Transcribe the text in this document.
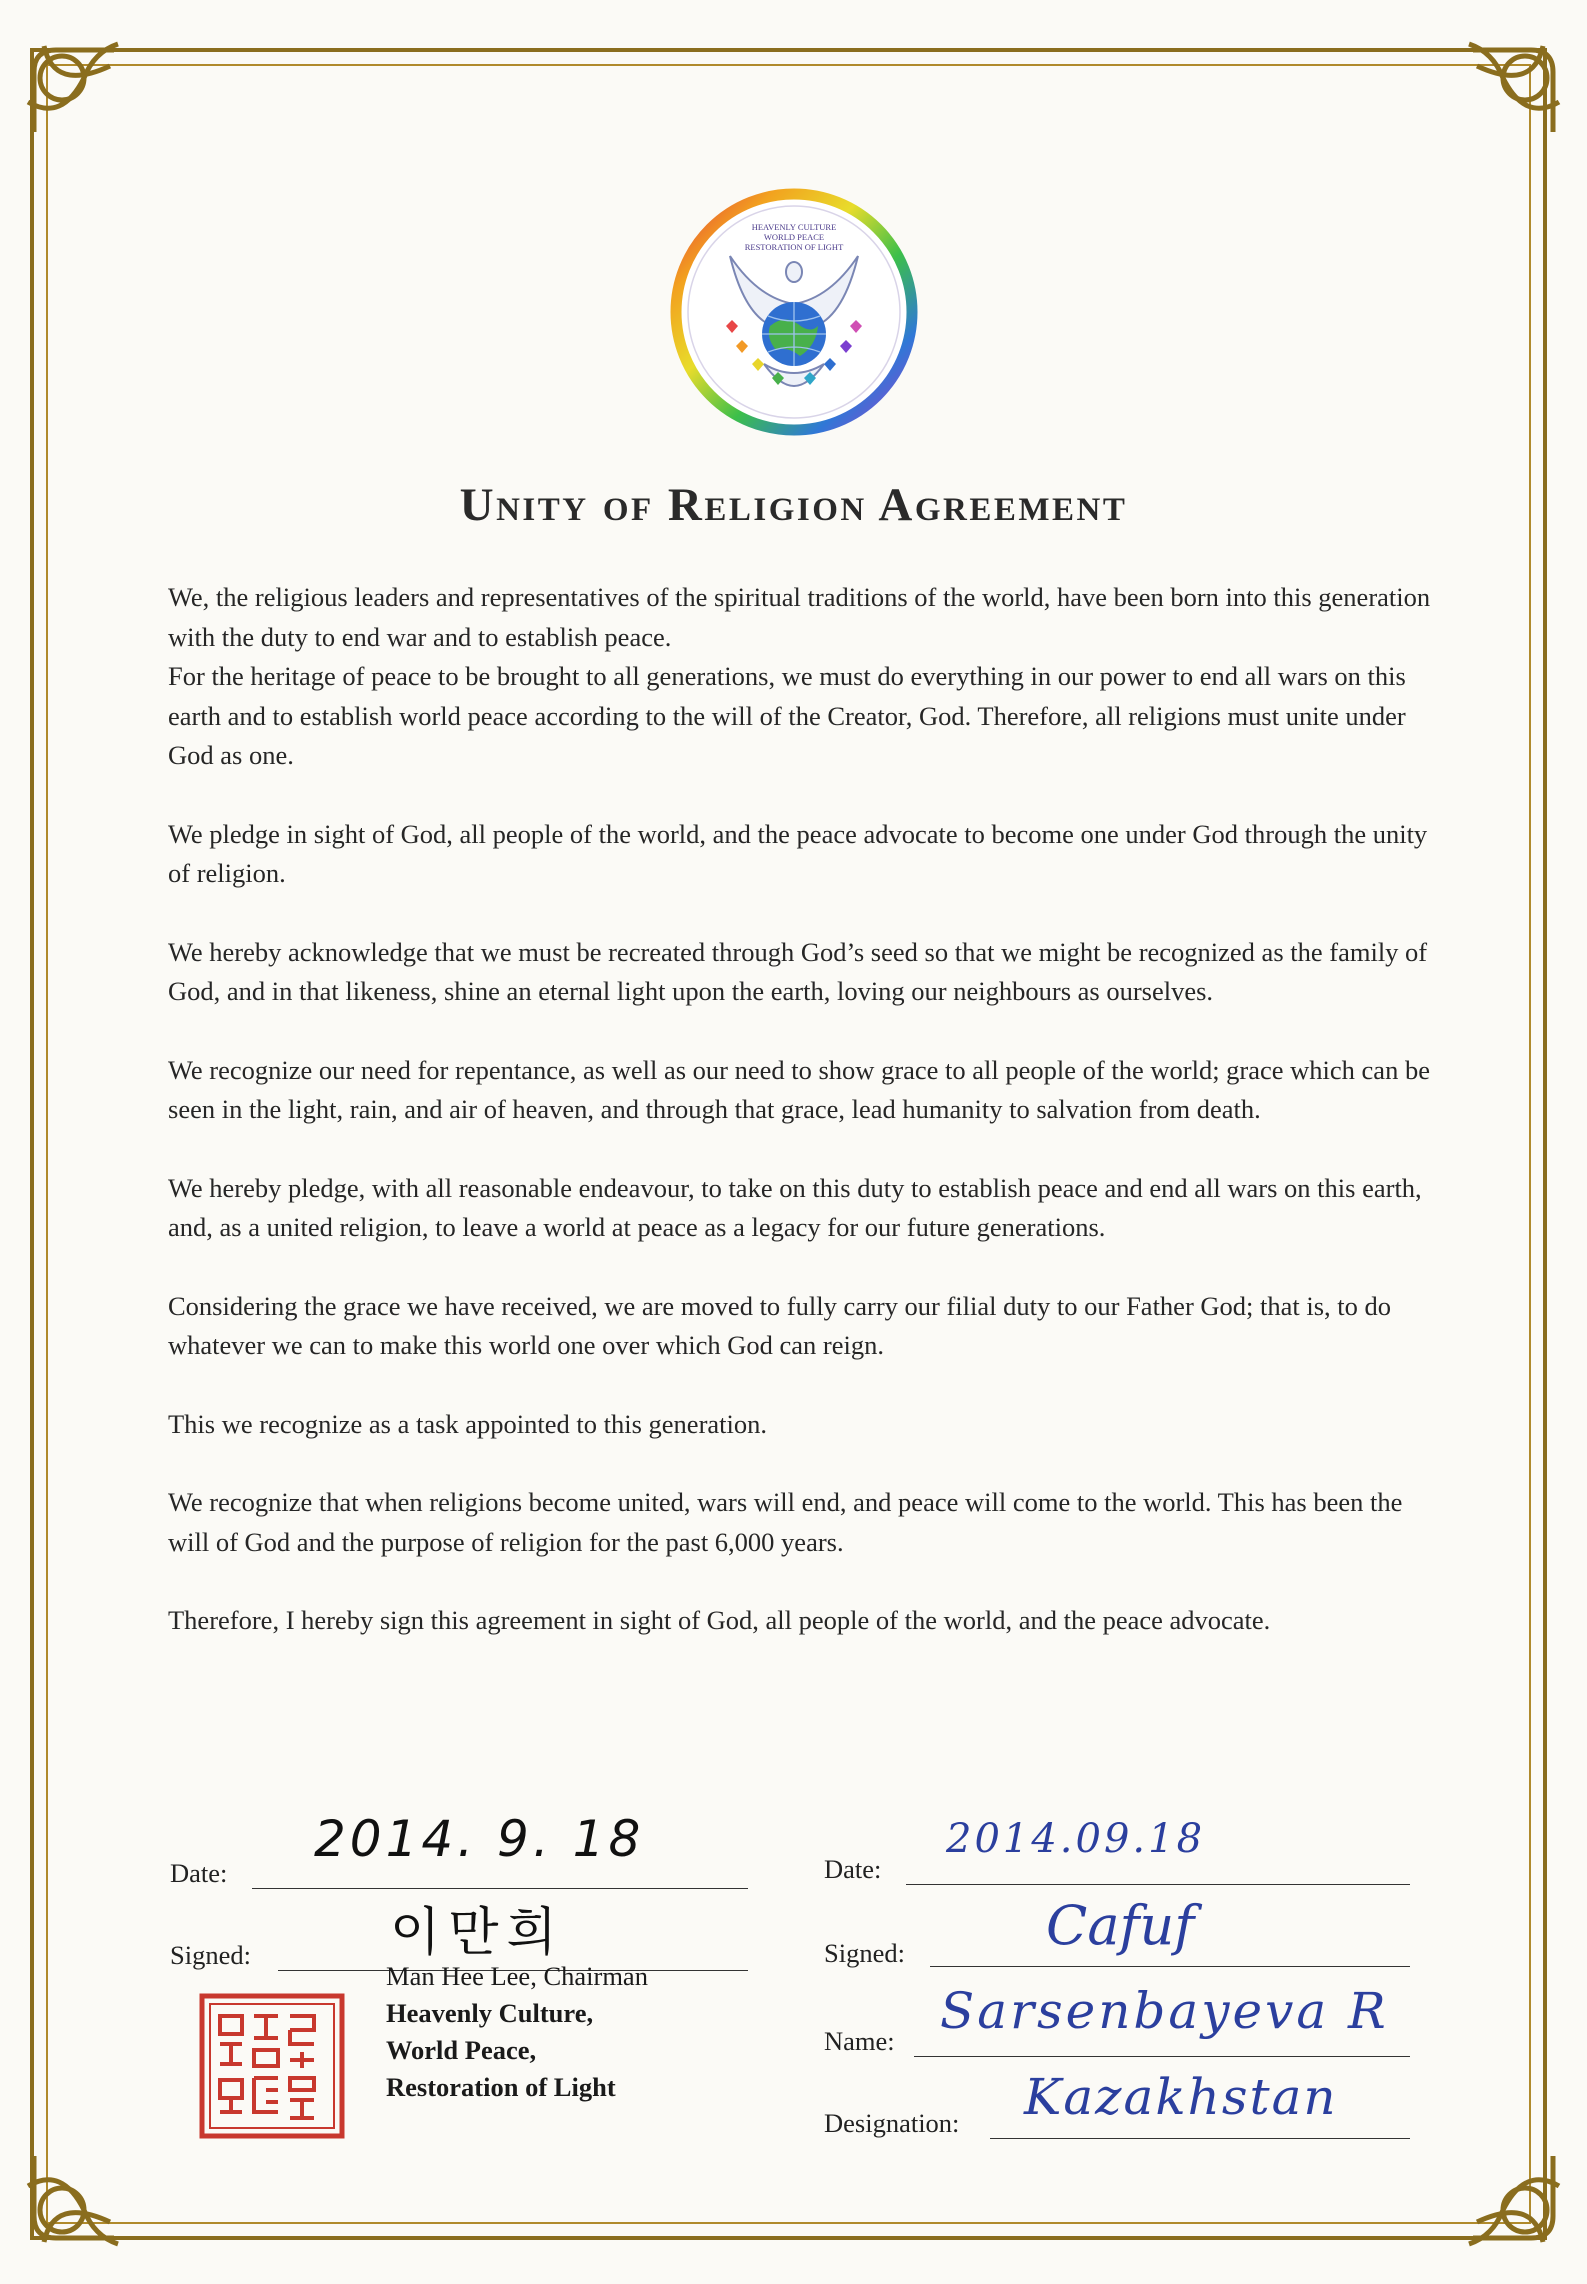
HEAVENLY CULTURE
WORLD PEACE
RESTORATION OF LIGHT
Unity of Religion Agreement

We, the religious leaders and representatives of the spiritual traditions of the world, have been born into this generation with the duty to end war and to establish peace.

For the heritage of peace to be brought to all generations, we must do everything in our power to end all wars on this earth and to establish world peace according to the will of the Creator, God. Therefore, all religions must unite under God as one.

We pledge in sight of God, all people of the world, and the peace advocate to become one under God through the unity of religion.

We hereby acknowledge that we must be recreated through God’s seed so that we might be recognized as the family of God, and in that likeness, shine an eternal light upon the earth, loving our neighbours as ourselves.

We recognize our need for repentance, as well as our need to show grace to all people of the world; grace which can be seen in the light, rain, and air of heaven, and through that grace, lead humanity to salvation from death.

We hereby pledge, with all reasonable endeavour, to take on this duty to establish peace and end all wars on this earth, and, as a united religion, to leave a world at peace as a legacy for our future generations.

Considering the grace we have received, we are moved to fully carry our filial duty to our Father God; that is, to do whatever we can to make this world one over which God can reign.

This we recognize as a task appointed to this generation.

We recognize that when religions become united, wars will end, and peace will come to the world. This has been the will of God and the purpose of religion for the past 6,000 years.

Therefore, I hereby sign this agreement in sight of God, all people of the world, and the peace advocate.

Date:
2014. 9. 18
Signed:	이만희
Man Hee Lee, Chairman
Heavenly Culture,
World Peace,
Restoration of Light
Date:
2014.09.18
Signed:	Cafuf
Name:
Sarsenbayeva R
Designation: Kazakhstan
